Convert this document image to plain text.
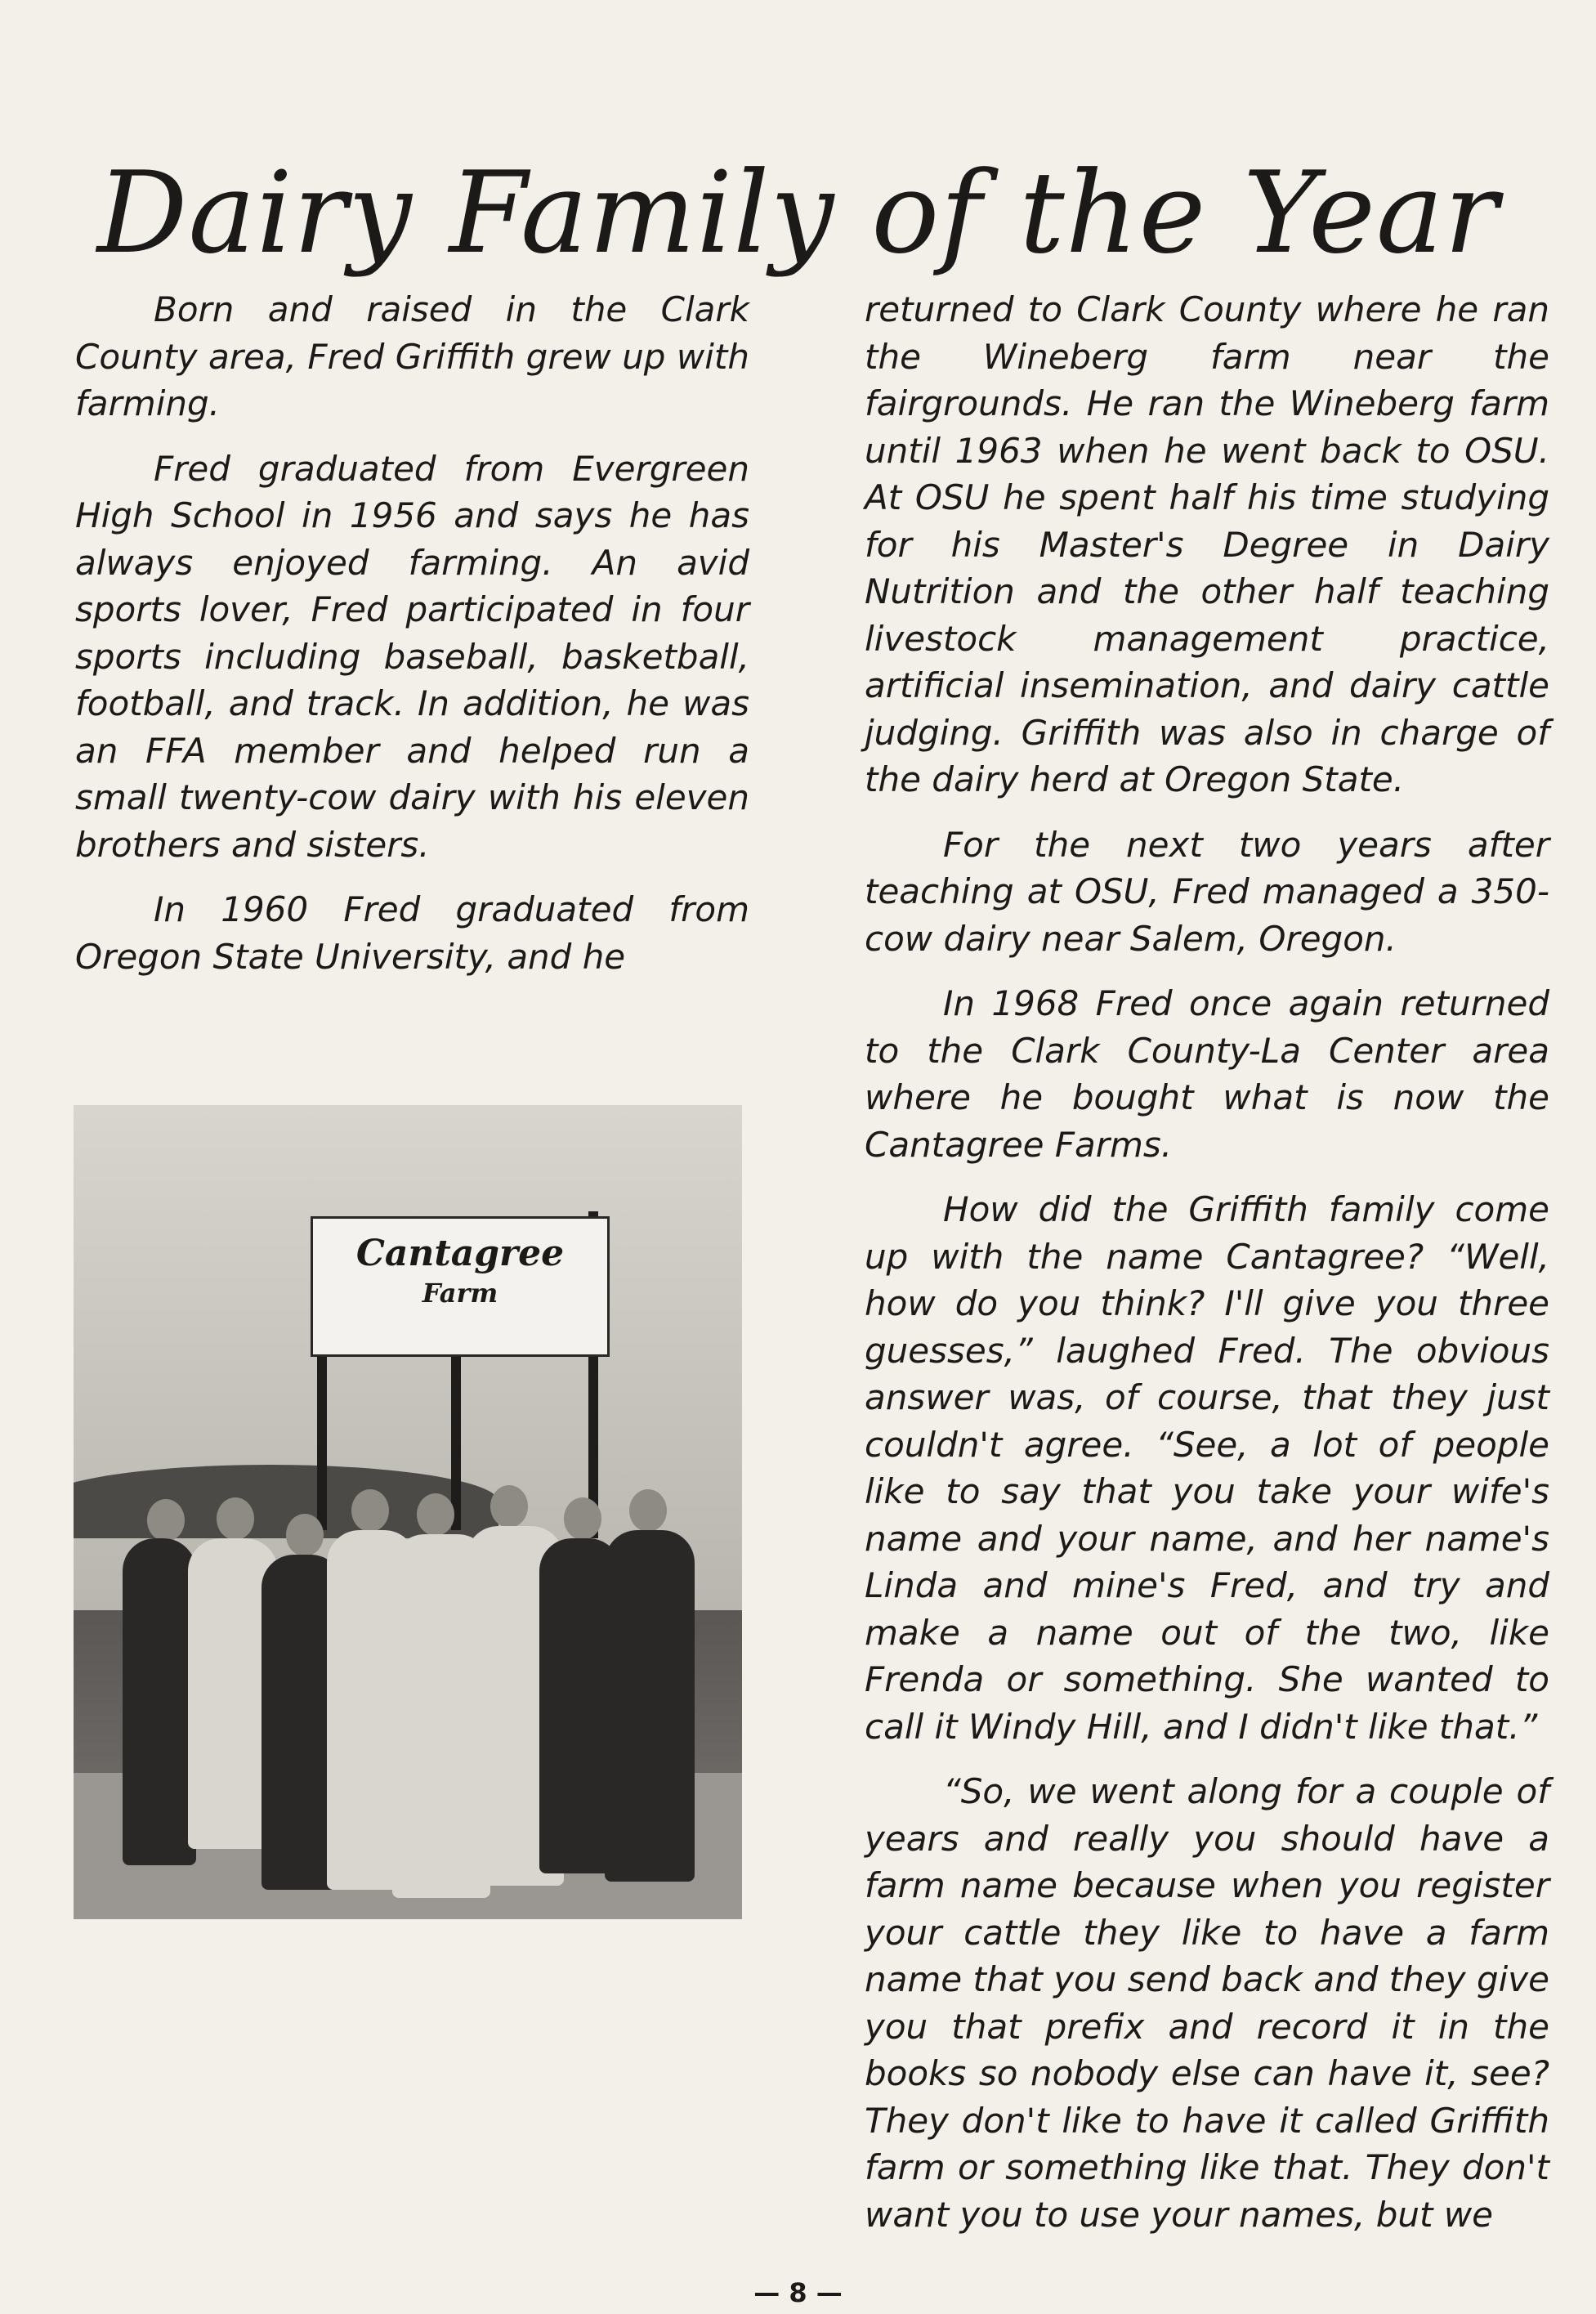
Dairy Family of the Year

Born and raised in the Clark County area, Fred Griffith grew up with farming.

Fred graduated from Evergreen High School in 1956 and says he has always enjoyed farming. An avid sports lover, Fred participated in four sports including baseball, basketball, football, and track. In addition, he was an FFA member and helped run a small twenty-cow dairy with his eleven brothers and sisters.

In 1960 Fred graduated from Oregon State University, and he

Cantagree
Farm

returned to Clark County where he ran the Wineberg farm near the fairgrounds. He ran the Wineberg farm until 1963 when he went back to OSU. At OSU he spent half his time studying for his Master's Degree in Dairy Nutrition and the other half teaching livestock management practice, artificial insemination, and dairy cattle judging. Griffith was also in charge of the dairy herd at Oregon State.

For the next two years after teaching at OSU, Fred managed a 350-cow dairy near Salem, Oregon.

In 1968 Fred once again returned to the Clark County-La Center area where he bought what is now the Cantagree Farms.

How did the Griffith family come up with the name Cantagree? “Well, how do you think? I'll give you three guesses,” laughed Fred. The obvious answer was, of course, that they just couldn't agree. “See, a lot of people like to say that you take your wife's name and your name, and her name's Linda and mine's Fred, and try and make a name out of the two, like Frenda or something. She wanted to call it Windy Hill, and I didn't like that.”

“So, we went along for a couple of years and really you should have a farm name because when you register your cattle they like to have a farm name that you send back and they give you that prefix and record it in the books so nobody else can have it, see? They don't like to have it called Griffith farm or something like that. They don't want you to use your names, but we

— 8 —
